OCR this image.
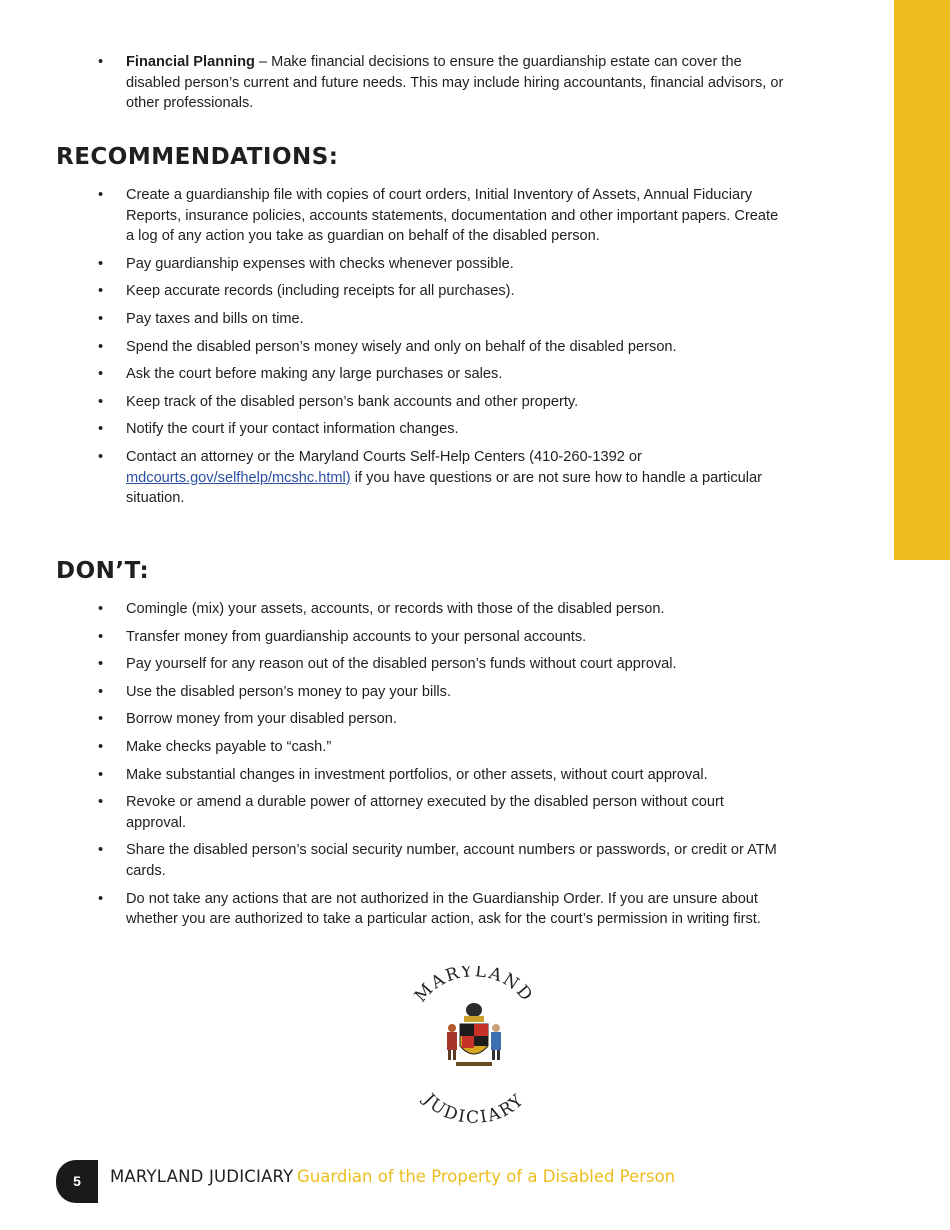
• Financial Planning – Make financial decisions to ensure the guardianship estate can cover the disabled person’s current and future needs. This may include hiring accountants, financial advisors, or other professionals.
RECOMMENDATIONS:
• Create a guardianship file with copies of court orders, Initial Inventory of Assets, Annual Fiduciary Reports, insurance policies, accounts statements, documentation and other important papers. Create a log of any action you take as guardian on behalf of the disabled person.
• Pay guardianship expenses with checks whenever possible.
• Keep accurate records (including receipts for all purchases).
• Pay taxes and bills on time.
• Spend the disabled person’s money wisely and only on behalf of the disabled person.
• Ask the court before making any large purchases or sales.
• Keep track of the disabled person’s bank accounts and other property.
• Notify the court if your contact information changes.
• Contact an attorney or the Maryland Courts Self-Help Centers (410-260-1392 or mdcourts.gov/selfhelp/mcshc.html) if you have questions or are not sure how to handle a particular situation.
DON’T:
• Comingle (mix) your assets, accounts, or records with those of the disabled person.
• Transfer money from guardianship accounts to your personal accounts.
• Pay yourself for any reason out of the disabled person’s funds without court approval.
• Use the disabled person’s money to pay your bills.
• Borrow money from your disabled person.
• Make checks payable to “cash.”
• Make substantial changes in investment portfolios, or other assets, without court approval.
• Revoke or amend a durable power of attorney executed by the disabled person without court approval.
• Share the disabled person’s social security number, account numbers or passwords, or credit or ATM cards.
• Do not take any actions that are not authorized in the Guardianship Order. If you are unsure about whether you are authorized to take a particular action, ask for the court’s permission in writing first.
MARYLAND
JUDICIARY
5	MARYLAND JUDICIARY Guardian of the Property of a Disabled Person
